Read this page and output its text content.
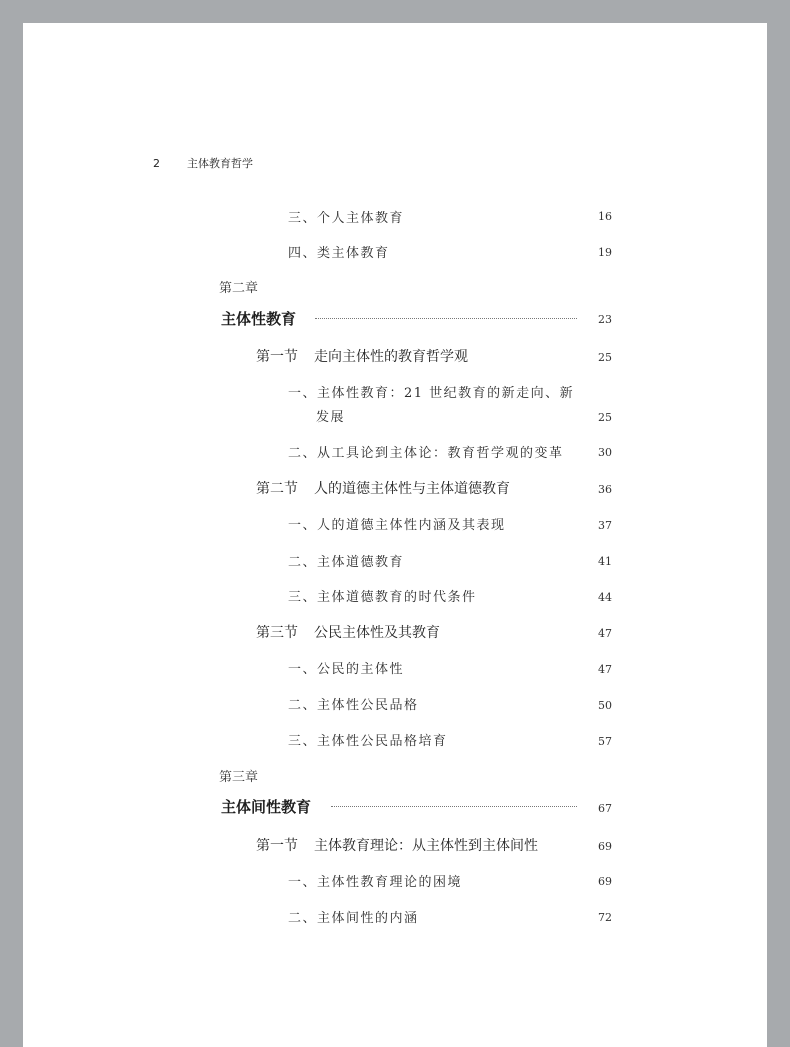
2 主体教育哲学
三、个人主体教育	16
四、类主体教育	19
第二章
主体性教育	23
第一节 走向主体性的教育哲学观	25
一、主体性教育：21 世纪教育的新走向、新
发展	25
二、从工具论到主体论：教育哲学观的变革	30
第二节 人的道德主体性与主体道德教育	36
一、人的道德主体性内涵及其表现	37
二、主体道德教育	41
三、主体道德教育的时代条件	44
第三节 公民主体性及其教育	47
一、公民的主体性	47
二、主体性公民品格	50
三、主体性公民品格培育	57
第三章
主体间性教育	67
第一节 主体教育理论：从主体性到主体间性	69
一、主体性教育理论的困境	69
二、主体间性的内涵	72
